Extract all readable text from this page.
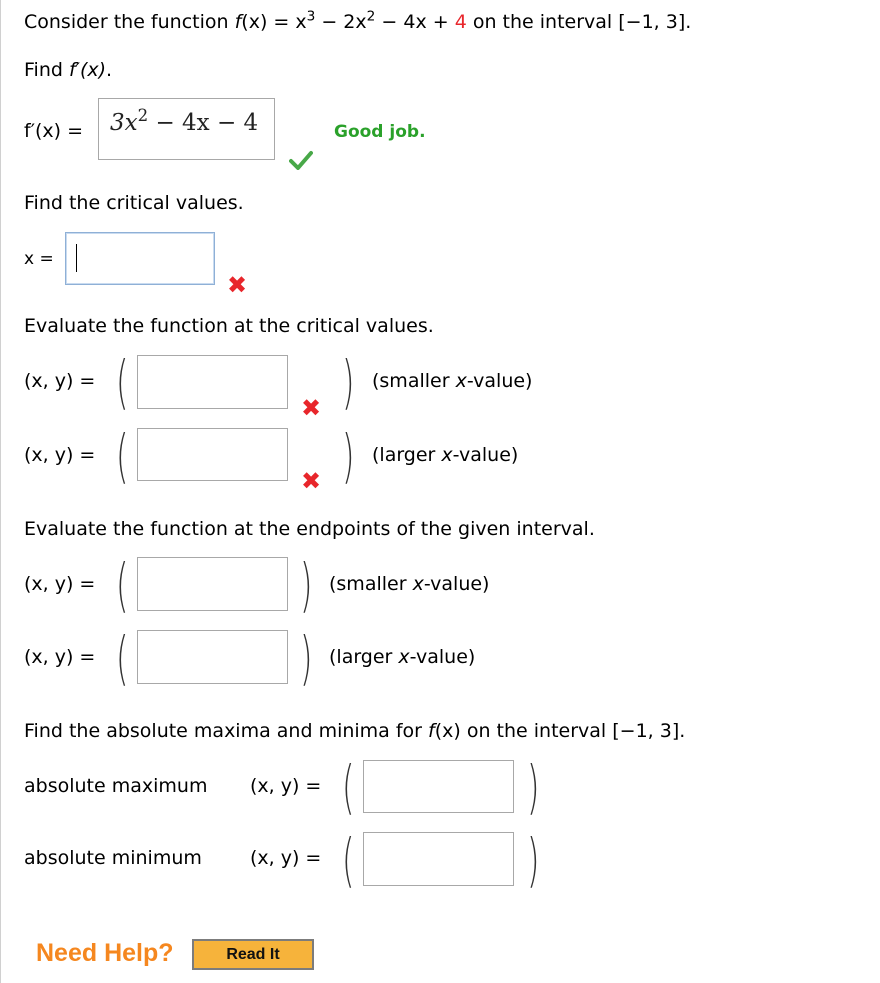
Consider the function $f(x) = x^3 - 2x^2 - 4x + 4$ on the interval [−1, 3].
Find f′(x).
$f'(x) = 3x^2 - 4x - 4$	Good job.
Find the critical values.
x =
✖
Evaluate the function at the critical values.
(x, y) = (	✖ ) (smaller x-value)
(x, y) = (	✖ ) (larger x-value)
Evaluate the function at the endpoints of the given interval.
(x, y) = (	) (smaller x-value)
(x, y) = (	) (larger x-value)
Find the absolute maxima and minima for f(x) on the interval [−1, 3].
absolute maximum (x, y) = (	)
absolute minimum	(x, y) = (	)
Need Help?	Read It
